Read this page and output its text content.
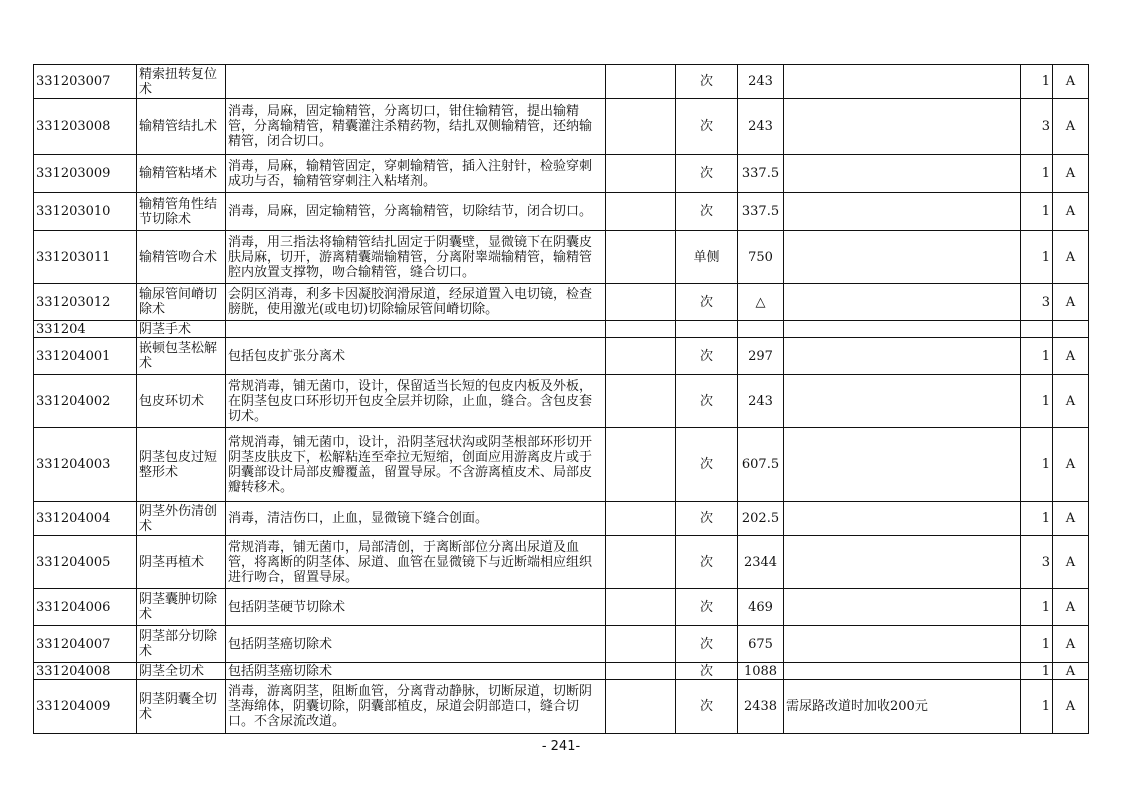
331203007	精索扭转复位术			次	243		1	A
331203008	输精管结扎术	消毒，局麻，固定输精管，分离切口，钳住输精管，提出输精管，分离输精管，精囊灌注杀精药物，结扎双侧输精管，还纳输精管，闭合切口。		次	243		3	A
331203009	输精管粘堵术	消毒，局麻，输精管固定，穿刺输精管，插入注射针，检验穿刺成功与否，输精管穿刺注入粘堵剂。		次	337.5		1	A
331203010	输精管角性结节切除术	消毒，局麻，固定输精管，分离输精管，切除结节，闭合切口。		次	337.5		1	A
331203011	输精管吻合术	消毒，用三指法将输精管结扎固定于阴囊壁，显微镜下在阴囊皮肤局麻，切开，游离精囊端输精管，分离附睾端输精管，输精管腔内放置支撑物，吻合输精管，缝合切口。		单侧	750		1	A
331203012	输尿管间嵴切除术	会阴区消毒，利多卡因凝胶润滑尿道，经尿道置入电切镜，检查膀胱，使用激光(或电切)切除输尿管间嵴切除。		次	△		3	A
331204	阴茎手术							
331204001	嵌顿包茎松解术	包括包皮扩张分离术		次	297		1	A
331204002	包皮环切术	常规消毒，铺无菌巾，设计，保留适当长短的包皮内板及外板，在阴茎包皮口环形切开包皮全层并切除，止血，缝合。含包皮套切术。		次	243		1	A
331204003	阴茎包皮过短整形术	常规消毒，铺无菌巾，设计，沿阴茎冠状沟或阴茎根部环形切开阴茎皮肤皮下，松解粘连至牵拉无短缩，创面应用游离皮片或于阴囊部设计局部皮瓣覆盖，留置导尿。不含游离植皮术、局部皮瓣转移术。		次	607.5		1	A
331204004	阴茎外伤清创术	消毒，清洁伤口，止血，显微镜下缝合创面。		次	202.5		1	A
331204005	阴茎再植术	常规消毒，铺无菌巾，局部清创，于离断部位分离出尿道及血管，将离断的阴茎体、尿道、血管在显微镜下与近断端相应组织进行吻合，留置导尿。		次	2344		3	A
331204006	阴茎囊肿切除术	包括阴茎硬节切除术		次	469		1	A
331204007	阴茎部分切除术	包括阴茎癌切除术		次	675		1	A
331204008	阴茎全切术	包括阴茎癌切除术		次	1088		1	A
331204009	阴茎阴囊全切术	消毒，游离阴茎，阻断血管，分离背动静脉，切断尿道，切断阴茎海绵体，阴囊切除，阴囊部植皮，尿道会阴部造口，缝合切口。不含尿流改道。		次	2438	需尿路改道时加收200元	1	A
- 241-
